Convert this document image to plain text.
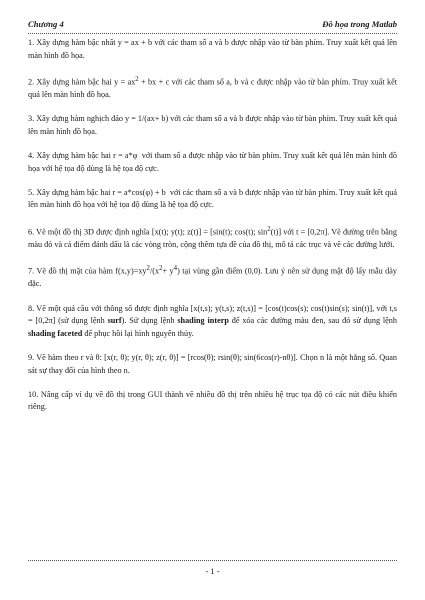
Chương 4	Đồ họa trong Matlab

1. Xây dựng hàm bậc nhất y = ax + b với các tham số a và b được nhập vào từ bàn phím. Truy xuất kết quả lên màn hình đồ họa.

2. Xây dựng hàm bậc hai $y = ax^2$ + bx + c với các tham số a, b và c được nhập vào từ bàn phím. Truy xuất kết quả lên màn hình đồ họa.

3. Xây dựng hàm nghịch đảo y = 1/(ax+ b) với các tham số a và b được nhập vào từ bàn phím. Truy xuất kết quả lên màn hình đồ họa.

4. Xây dựng hàm bậc hai r = a*φ  với tham số a được nhập vào từ bàn phím. Truy xuất kết quả lên màn hình đồ họa với hệ tọa độ dùng là hệ tọa độ cực.

5. Xây dựng hàm bậc hai r = a*cos(φ) + b  với các tham số a và b được nhập vào từ bàn phím. Truy xuất kết quả lên màn hình đồ họa với hệ tọa độ dùng là hệ tọa độ cực.

6. Vẽ một đồ thị 3D được định nghĩa [x(t); y(t); z(t)] = [sin(t); cos(t); $\sin^2(t)$] với t = [0,2π]. Vẽ đường trên bằng màu đỏ và cả điểm đánh dấu là các vòng tròn, cộng thêm tựa đề của đồ thị, mô tả các trục và vẽ các đường lưới.

7. Vẽ đồ thị mặt của hàm $f(x,y)=xy^2/(x^2+ y^4)$ tại vùng gần điểm (0,0). Lưu ý nên sử dụng mật độ lấy mẫu dày đặc.

8. Vẽ một quả cầu với thông số được định nghĩa [x(t,s); y(t,s); z(t,s)] = [cos(t)cos(s); cos(t)sin(s); sin(t)], với t,s = [0,2π] (sử dụng lệnh surf). Sử dụng lệnh shading interp để xóa các đường màu đen, sau đó sử dụng lệnh shading faceted để phục hồi lại hình nguyên thủy.

9. Vẽ hàm theo r và θ: [x(r, θ); y(r, θ); z(r, θ)] = [rcos(θ); rsin(θ); sin(6cos(r)-nθ)]. Chọn n là một hằng số. Quan sát sự thay đổi của hình theo n.

10. Nâng cấp ví dụ vẽ đồ thị trong GUI thành vẽ nhiều đồ thị trên nhiều hệ trục tọa độ có các nút điều khiển riêng.

- 1 -
